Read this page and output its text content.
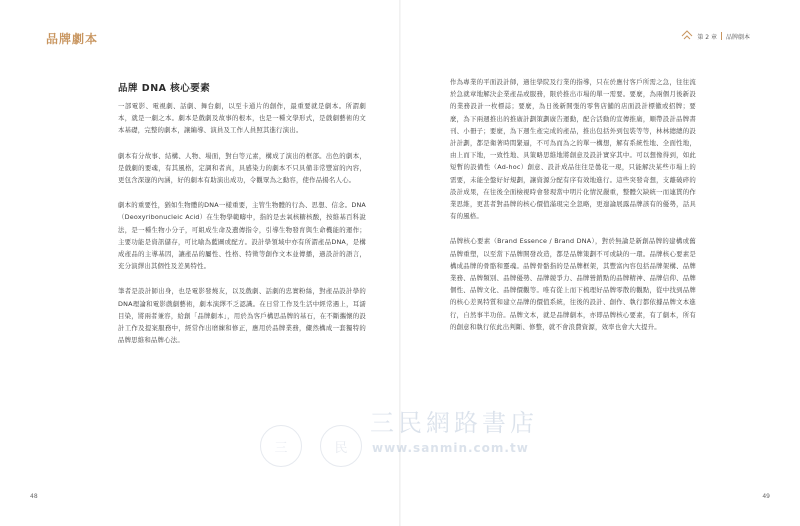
品牌劇本
品牌 DNA 核心要素

一部電影、電視劇、話劇、舞台劇，以至卡通片的創作，最重要就是劇本。所謂劇本，就是一劇之本。劇本是戲劇及故事的根本，也是一種文學形式，是戲劇藝術的文本基礎，完整的劇本，讓編導、演員及工作人員照其進行演出。

劇本有分故事、結構、人物、場面，對白等元素，構成了演出的框部。出色的劇本，是戲劇的要魂，有其風格，定調和者真，具感染力的劇本不只具備非常豐富的內容，更包含深邃的內涵，好的劇本有助演出成功，令觀眾為之動容，使作品揚名人心。

劇本的重要性，猶如生物體的DNA一樣重要，主管生物體的行為、思想、信念。DNA（Deoxyribonucleic Acid）在生物學範疇中，指的是去氧核糖核酸，按維基百科說法，是一種生物小分子，可組成生命及遺傳指令，引導生物發育與生命機能的運作；主要功能是資訊儲存，可比喻為藍圖或配方。設計學領域中亦有所謂產品DNA，是構成產品的主導基因，讓產品的屬性、性格、特徵等創作文本並傳播，過設計的語言，充分演繹出其個性及差異特性。

筆者是設計師出身，也是電影發燒友，以及戲劇、話劇的忠實粉絲，對產品設計學的DNA理論和電影戲劇藝術，劇本演繹不乏認識。在日常工作及生活中經常遇上，耳濡目染，將兩者兼容，給創「品牌劇本」，用於為客戶構思品牌的基石，在不斷攜懷的設計工作及提案服務中，經常作出磨練和修正，應用於品牌業務，儼然構成一套獨特的品牌思維和品牌心法。

48
第 2 章 品牌劇本

作為專業的平面設計師，過往學院及行業的指導，只在於應付客戶所需之急，往往流於急就章地解決企業產品或服務，限於推出市場的單一需要。要麼，為兩個月後新設的業務設計一枚標誌；要麼，為日後新開張的零售店舖的店面設計標徽或招牌；要麼，為下兩週推出的推廣計劃策劃廣告運動，配合活動的宣傳推廣，順帶設計品牌書刊、小冊子；要麼，為下週生產完成的產品，推出包括外到包裝等等，林林總總的設計計劃，都是衛著時間緊逼，不可為而為之的單一構想，解有系統性地、全面性地，由上而下地，一致性地、具策略思維地將創意及設計實穿其中。可以想像得到，如此短暫的設備性（Ad-hoc）創意、設計成品往往是曇花一現，只能解決某些市場上的需要，未能全盤好好規劃，讓資源分配有序有效地進行。這些突發奇想，支離破碎的設計成果，在往後全面檢視時會發現當中明片化情況嚴重，整體欠缺統一而連貫的作業思維，更甚者對品牌的核心價值滿現完全忽略，更遑論展露品牌該有的優勢，話具有的風格。

品牌核心要素（Brand Essence / Brand DNA），對於無論是新創品牌的建構或舊品牌重塑，以至當下品牌開發改造，都是品牌策劃不可或缺的一環。品牌核心要素是構成品牌的骨骼和靈魂。品牌骨骼指的是品牌框架，其豐富內容包括品牌架構、品牌業務、品牌類別、品牌優勢、品牌競爭力、品牌營銷點的品牌精神、品牌信仰、品牌個性、品牌文化、品牌價觀等。唯有從上而下梳理好品牌零散的觀點，從中找到品牌的核心差異特質和建立品牌的價值系統，往後的設計、創作、執行都依據品牌文本進行，自然事半功倍。品牌文本，就是品牌劇本，亦即品牌核心要素，有了劇本，所有的創意和執行依此出判斷、修整，就不會浪費資源，效率也會大大提升。

49
三	民
三民網路書店
www.sanmin.com.tw
